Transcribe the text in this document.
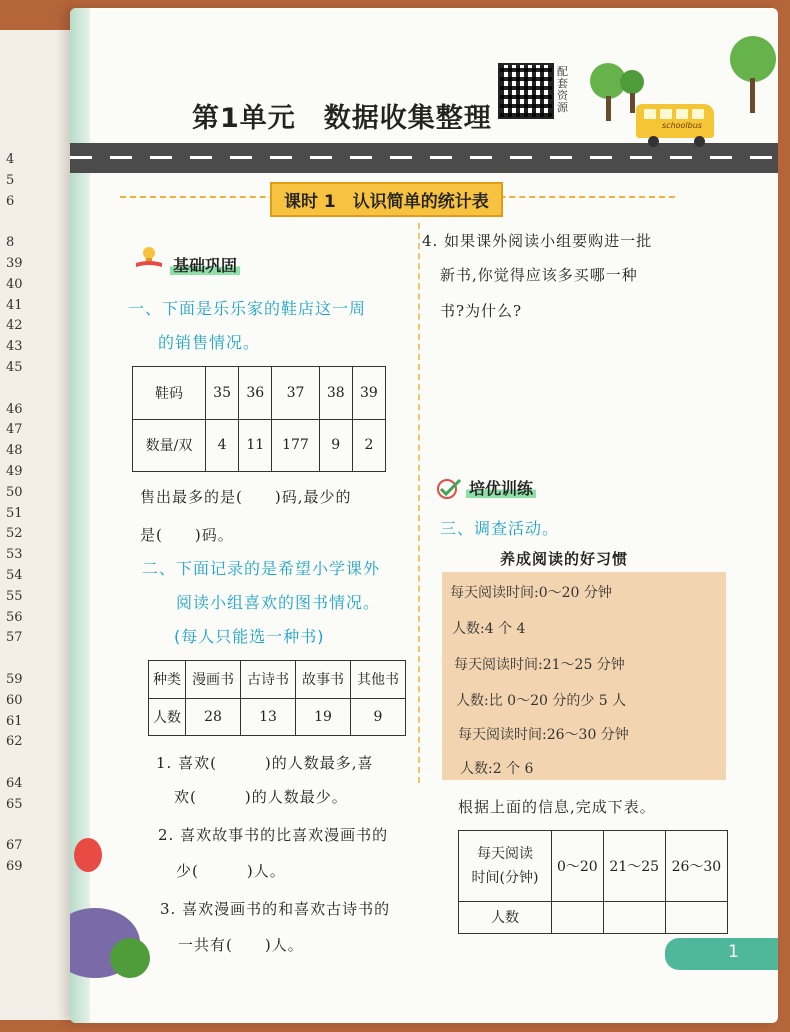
4
5
6
8
39
40
41
42
43
45
46
47
48
49
50
51
52
53
54
55
56
57
59
60
61
62
64
65
67
69
schoolbus
第1单元　数据收集整理
配套资源
课时 1　认识简单的统计表
基础巩固
一、下面是乐乐家的鞋店这一周
的销售情况。
鞋码	35	36	37	38	39
数量/双	4	11	177	9	2
售出最多的是(　　)码,最少的
是(　　)码。
二、下面记录的是希望小学课外
阅读小组喜欢的图书情况。
(每人只能选一种书)
种类	漫画书	古诗书	故事书	其他书
人数	28	13	19	9
1. 喜欢(　　　)的人数最多,喜
欢(　　　)的人数最少。
2. 喜欢故事书的比喜欢漫画书的
少(　　　)人。
3. 喜欢漫画书的和喜欢古诗书的
一共有(　　)人。
4. 如果课外阅读小组要购进一批
新书,你觉得应该多买哪一种
书?为什么?
培优训练
三、调查活动。
养成阅读的好习惯
每天阅读时间:0～20 分钟
人数:4 个 4
每天阅读时间:21～25 分钟
人数:比 0～20 分的少 5 人
每天阅读时间:26～30 分钟
人数:2 个 6
根据上面的信息,完成下表。
每天阅读
时间(分钟)	0～20	21～25	26～30
人数			
1
